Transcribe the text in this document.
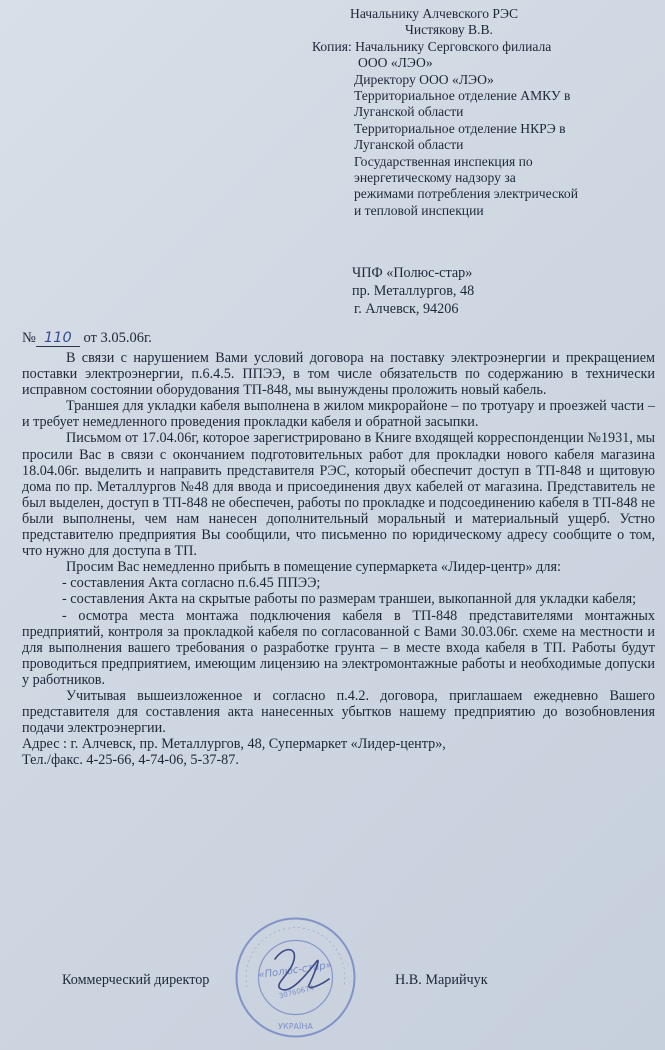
Начальнику Алчевского РЭС
Чистякову В.В.
Копия: Начальнику Серговского филиала
ООО «ЛЭО»
Директору ООО «ЛЭО»
Территориальное отделение АМКУ в
Луганской области
Территориальное отделение НКРЭ в
Луганской области
Государственная инспекция по
энергетическому надзору за
режимами потребления электрической
и тепловой инспекции
ЧПФ «Полюс-стар»
пр. Металлургов, 48
г. Алчевск, 94206
№ 110 от 3.05.06г.

В связи с нарушением Вами условий договора на поставку электроэнергии и прекращением поставки электроэнергии, п.6.4.5. ППЭЭ, в том числе обязательств по содержанию в технически исправном состоянии оборудования ТП-848, мы вынуждены проложить новый кабель.

Траншея для укладки кабеля выполнена в жилом микрорайоне – по тротуару и проезжей части – и требует немедленного проведения прокладки кабеля и обратной засыпки.

Письмом от 17.04.06г, которое зарегистрировано в Книге входящей корреспонденции №1931, мы просили Вас в связи с окончанием подготовительных работ для прокладки нового кабеля магазина 18.04.06г. выделить и направить представителя РЭС, который обеспечит доступ в ТП-848 и щитовую дома по пр. Металлургов №48 для ввода и присоединения двух кабелей от магазина. Представитель не был выделен, доступ в ТП-848 не обеспечен, работы по прокладке и подсоединению кабеля в ТП-848 не были выполнены, чем нам нанесен дополнительный моральный и материальный ущерб. Устно представителю предприятия Вы сообщили, что письменно по юридическому адресу сообщите о том, что нужно для доступа в ТП.

Просим Вас немедленно прибыть в помещение супермаркета «Лидер-центр» для:

- составления Акта согласно п.6.45 ППЭЭ;

- составления Акта на скрытые работы по размерам траншеи, выкопанной для укладки кабеля;

- осмотра места монтажа подключения кабеля в ТП-848 представителями монтажных предприятий, контроля за прокладкой кабеля по согласованной с Вами 30.03.06г. схеме на местности и для выполнения вашего требования о разработке грунта – в месте входа кабеля в ТП. Работы будут проводиться предприятием, имеющим лицензию на электромонтажные работы и необходимые допуски у работников.

Учитывая вышеизложенное и согласно п.4.2. договора, приглашаем ежедневно Вашего представителя для составления акта нанесенных убытков нашему предприятию до возобновления подачи электроэнергии.

Адрес : г. Алчевск, пр. Металлургов, 48, Супермаркет «Лидер-центр»,

Тел./факс. 4-25-66, 4-74-06, 5-37-87.

Коммерческий директор	Н.В. Марийчук
«Полюс-стар»
30760674
УКРАЇНА
